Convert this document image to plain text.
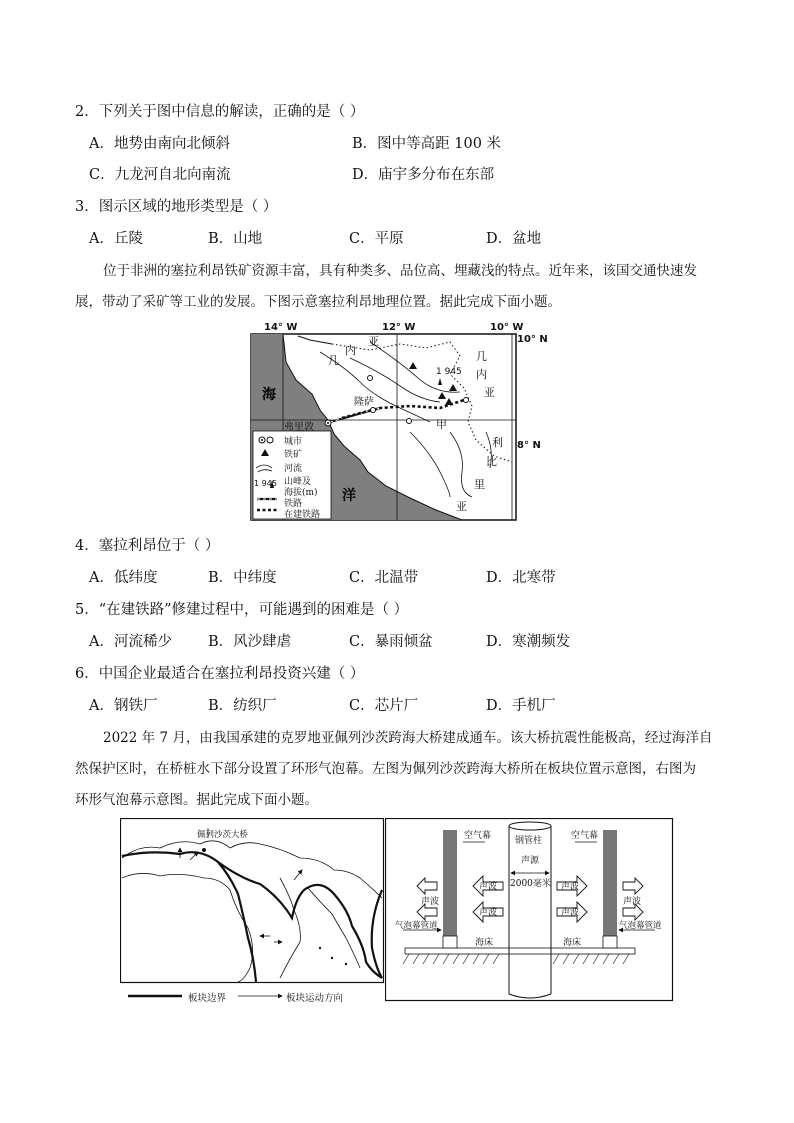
2．下列关于图中信息的解读，正确的是（ ）
A．地势由南向北倾斜	B．图中等高距 100 米
C．九龙河自北向南流	D．庙宇多分布在东部
3．图示区域的地形类型是（ ）
A．丘陵	B．山地	C．平原	D．盆地
位于非洲的塞拉利昂铁矿资源丰富，具有种类多、品位高、埋藏浅的特点。近年来，该国交通快速发
展，带动了采矿等工业的发展。下图示意塞拉利昂地理位置。据此完成下面小题。
14° W	12° W	10° W
10° N
8° N
海
洋
几
内
亚
几
内
亚
利
比
里
亚
隆萨
弗里敦	甲
1 945
城市
铁矿
河流
山峰及
海拔(m)
1 945
铁路
在建铁路
4．塞拉利昂位于（ ）
A．低纬度	B．中纬度	C．北温带	D．北寒带
5．“在建铁路”修建过程中，可能遇到的困难是（ ）
A．河流稀少 B．风沙肆虐	C．暴雨倾盆	D．寒潮频发
6．中国企业最适合在塞拉利昂投资兴建（ ）
A．钢铁厂	B．纺织厂	C．芯片厂	D．手机厂
2022 年 7 月，由我国承建的克罗地亚佩列沙茨跨海大桥建成通车。该大桥抗震性能极高，经过海洋自
然保护区时，在桥桩水下部分设置了环形气泡幕。左图为佩列沙茨跨海大桥所在板块位置示意图，右图为
环形气泡幕示意图。据此完成下面小题。
佩列沙茨大桥
板块边界	板块运动方向
钢管柱
声源
2000毫米
空气幕	空气幕
声波
声波
声波
声波
声波	声波
气泡幕管道	气泡幕管道
海床	海床
